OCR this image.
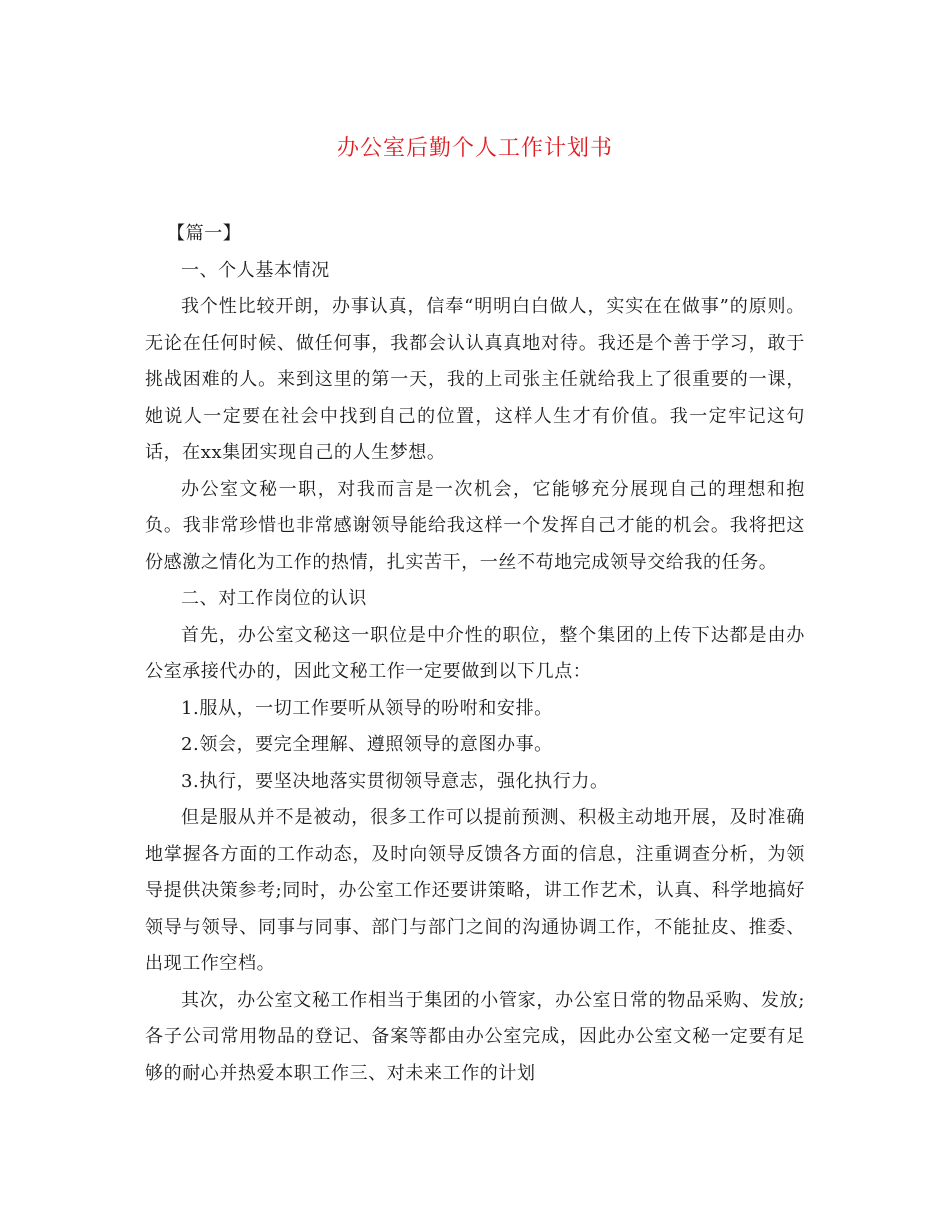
办公室后勤个人工作计划书

【篇一】

一、个人基本情况

我个性比较开朗，办事认真，信奉“明明白白做人，实实在在做事”的原则。无论在任何时候、做任何事，我都会认认真真地对待。我还是个善于学习，敢于挑战困难的人。来到这里的第一天，我的上司张主任就给我上了很重要的一课，她说人一定要在社会中找到自己的位置，这样人生才有价值。我一定牢记这句话，在xx集团实现自己的人生梦想。

办公室文秘一职，对我而言是一次机会，它能够充分展现自己的理想和抱负。我非常珍惜也非常感谢领导能给我这样一个发挥自己才能的机会。我将把这份感激之情化为工作的热情，扎实苦干，一丝不苟地完成领导交给我的任务。

二、对工作岗位的认识

首先，办公室文秘这一职位是中介性的职位，整个集团的上传下达都是由办公室承接代办的，因此文秘工作一定要做到以下几点：

1.服从，一切工作要听从领导的吩咐和安排。

2.领会，要完全理解、遵照领导的意图办事。

3.执行，要坚决地落实贯彻领导意志，强化执行力。

但是服从并不是被动，很多工作可以提前预测、积极主动地开展，及时准确地掌握各方面的工作动态，及时向领导反馈各方面的信息，注重调查分析，为领导提供决策参考;同时，办公室工作还要讲策略，讲工作艺术，认真、科学地搞好领导与领导、同事与同事、部门与部门之间的沟通协调工作，不能扯皮、推委、出现工作空档。

其次，办公室文秘工作相当于集团的小管家，办公室日常的物品采购、发放;各子公司常用物品的登记、备案等都由办公室完成，因此办公室文秘一定要有足够的耐心并热爱本职工作三、对未来工作的计划
